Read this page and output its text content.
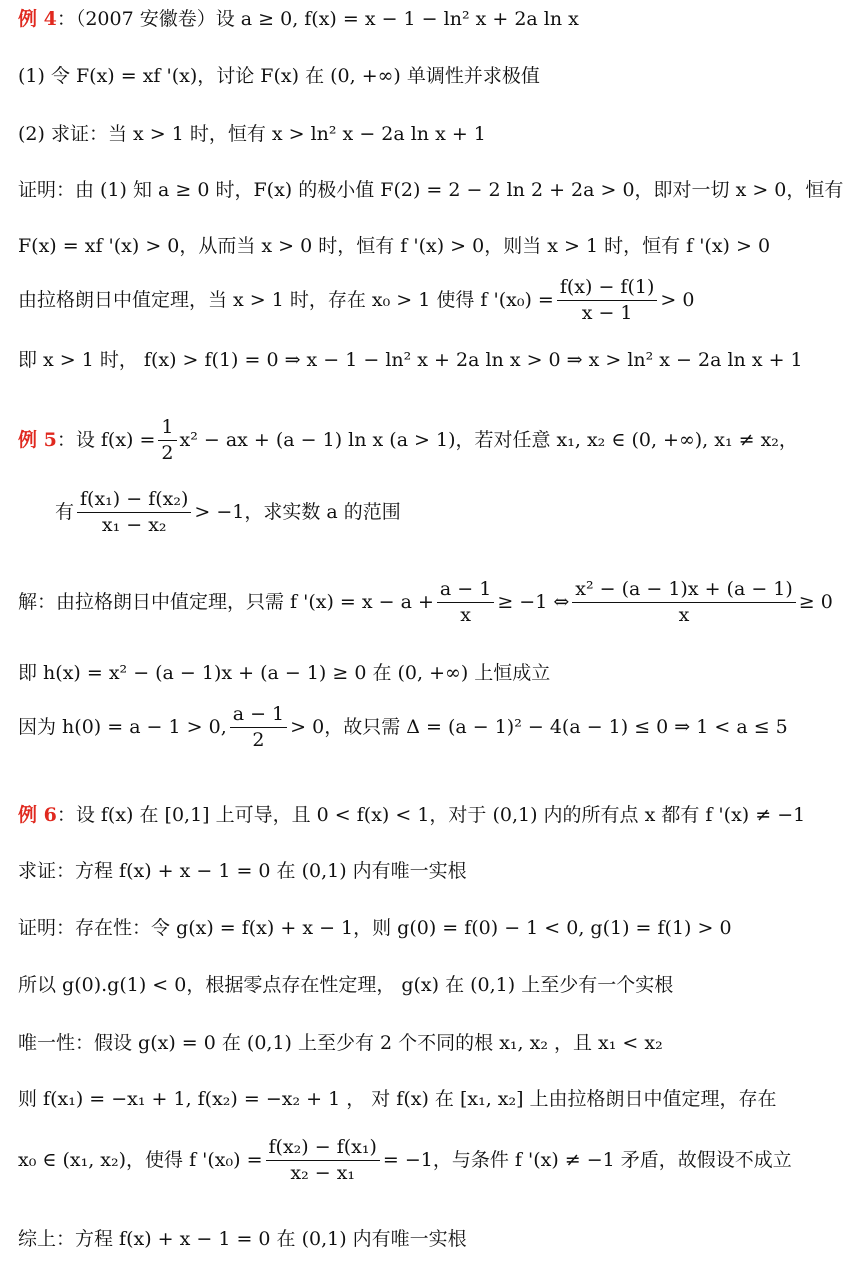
例 4 ：（2007 安徽卷）设 a ≥ 0, f(x) = x − 1 − ln² x + 2a ln x
(1) 令 F(x) = xf '(x)，讨论 F(x) 在 (0, +∞) 单调性并求极值
(2) 求证：当 x > 1 时，恒有 x > ln² x − 2a ln x + 1
证明：由 (1) 知 a ≥ 0 时，F(x) 的极小值 F(2) = 2 − 2 ln 2 + 2a > 0，即对一切 x > 0，恒有
F(x) = xf '(x) > 0，从而当 x > 0 时，恒有 f '(x) > 0，则当 x > 1 时，恒有 f '(x) > 0
由拉格朗日中值定理，当 x > 1 时，存在 x₀ > 1 使得 f '$(x_0) = \frac{f(x) - f(1)}{x - 1} > 0$
即 x > 1 时， f(x) > f(1) = 0 ⇒ x − 1 − ln² x + 2a ln x > 0 ⇒ x > ln² x − 2a ln x + 1
例 5 ：设 $f(x) = \frac{1}{2} x^2$ − ax + (a − 1) ln x (a > 1)，若对任意 x₁, x₂ ∈ (0, +∞), x₁ ≠ x₂，
有 $\frac{\text{f(x₁) − f(x₂)}}{\text{x₁ − x₂}} > -1$，求实数 a 的范围
解：由拉格朗日中值定理，只需 f '$(x) = x - a + \frac{a - 1}{x} \ge -1$ ⇔ $\frac{\text{x² − (a − 1)x + (a − 1)}}{x} \ge 0$
即 h(x) = x² − (a − 1)x + (a − 1) ≥ 0 在 (0, +∞) 上恒成立
因为 h(0) = a − 1 > 0, $\frac{a - 1}{2} > 0$，故只需 Δ = (a − 1)² − 4(a − 1) ≤ 0 ⇒ 1 < a ≤ 5
例 6 ：设 f(x) 在 [0,1] 上可导，且 0 < f(x) < 1，对于 (0,1) 内的所有点 x 都有 f '(x) ≠ −1
求证：方程 f(x) + x − 1 = 0 在 (0,1) 内有唯一实根
证明：存在性：令 g(x) = f(x) + x − 1，则 g(0) = f(0) − 1 < 0, g(1) = f(1) > 0
所以 g(0).g(1) < 0，根据零点存在性定理， g(x) 在 (0,1) 上至少有一个实根
唯一性：假设 g(x) = 0 在 (0,1) 上至少有 2 个不同的根 x₁, x₂ ，且 x₁ < x₂
则 f(x₁) = −x₁ + 1, f(x₂) = −x₂ + 1 ， 对 f(x) 在 [x₁, x₂] 上由拉格朗日中值定理，存在
x₀ ∈ (x₁, x₂)，使得 f '$(x_0) = \frac{\text{f(x₂) − f(x₁)}}{\text{x₂ − x₁}} = -1$，与条件 f '(x) ≠ −1 矛盾，故假设不成立
综上：方程 f(x) + x − 1 = 0 在 (0,1) 内有唯一实根
